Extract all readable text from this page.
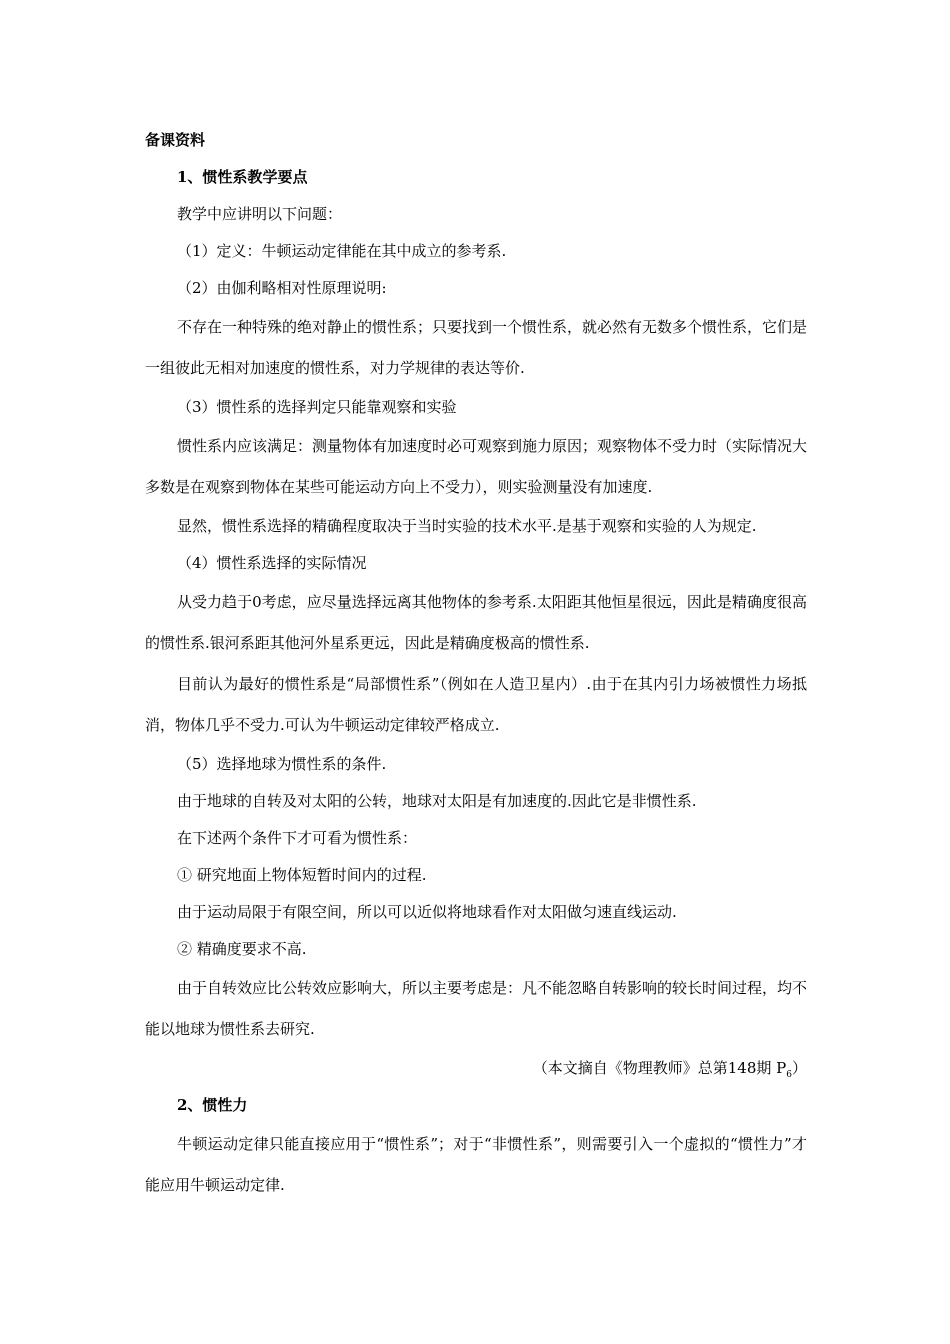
备课资料

1、惯性系教学要点

教学中应讲明以下问题：

（1）定义：牛顿运动定律能在其中成立的参考系.

（2）由伽利略相对性原理说明:

不存在一种特殊的绝对静止的惯性系；只要找到一个惯性系，就必然有无数多个惯性系，它们是一组彼此无相对加速度的惯性系，对力学规律的表达等价.

（3）惯性系的选择判定只能靠观察和实验

惯性系内应该满足：测量物体有加速度时必可观察到施力原因；观察物体不受力时（实际情况大多数是在观察到物体在某些可能运动方向上不受力），则实验测量没有加速度.

显然，惯性系选择的精确程度取决于当时实验的技术水平.是基于观察和实验的人为规定.

（4）惯性系选择的实际情况

从受力趋于0考虑，应尽量选择远离其他物体的参考系.太阳距其他恒星很远，因此是精确度很高的惯性系.银河系距其他河外星系更远，因此是精确度极高的惯性系.

目前认为最好的惯性系是“局部惯性系”（例如在人造卫星内）.由于在其内引力场被惯性力场抵消，物体几乎不受力.可认为牛顿运动定律较严格成立.

（5）选择地球为惯性系的条件.

由于地球的自转及对太阳的公转，地球对太阳是有加速度的.因此它是非惯性系.

在下述两个条件下才可看为惯性系：

① 研究地面上物体短暂时间内的过程.

由于运动局限于有限空间，所以可以近似将地球看作对太阳做匀速直线运动.

② 精确度要求不高.

由于自转效应比公转效应影响大，所以主要考虑是：凡不能忽略自转影响的较长时间过程，均不能以地球为惯性系去研究.

（本文摘自《物理教师》总第148期 $P_6$）

2、惯性力

牛顿运动定律只能直接应用于“惯性系”；对于“非惯性系”，则需要引入一个虚拟的“惯性力”才能应用牛顿运动定律.
